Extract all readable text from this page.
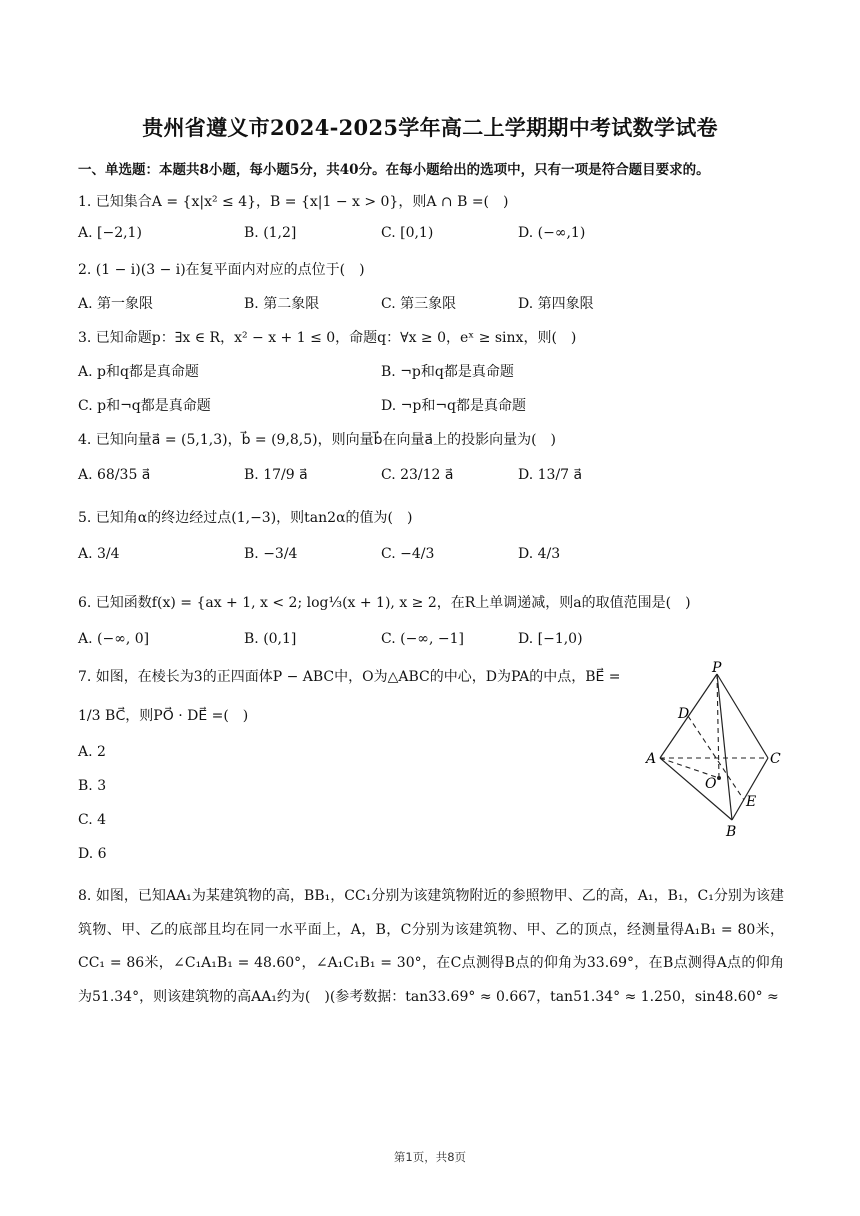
贵州省遵义市2024-2025学年高二上学期期中考试数学试卷
一、单选题：本题共8小题，每小题5分，共40分。在每小题给出的选项中，只有一项是符合题目要求的。
1. 已知集合A = {x|x² ≤ 4}，B = {x|1 − x > 0}，则A ∩ B =(　)
A. [−2,1)	B. (1,2]	C. [0,1)	D. (−∞,1)
2. (1 − i)(3 − i)在复平面内对应的点位于(　)
A. 第一象限	B. 第二象限	C. 第三象限	D. 第四象限
3. 已知命题p：∃x ∈ R，x² − x + 1 ≤ 0，命题q：∀x ≥ 0，eˣ ≥ sinx，则(　)
A. p和q都是真命题	B. ¬p和q都是真命题
C. p和¬q都是真命题	D. ¬p和¬q都是真命题
4. 已知向量a⃗ = (5,1,3)，b⃗ = (9,8,5)，则向量b⃗在向量a⃗上的投影向量为(　)
A. 68/35 a⃗	B. 17/9 a⃗	C. 23/12 a⃗	D. 13/7 a⃗
5. 已知角α的终边经过点(1,−3)，则tan2α的值为(　)
A. 3/4	B. −3/4	C. −4/3	D. 4/3
6. 已知函数f(x) = {ax + 1, x < 2; log⅓(x + 1), x ≥ 2，在R上单调递减，则a的取值范围是(　)
A. (−∞, 0]	B. (0,1]	C. (−∞, −1]	D. [−1,0)
7. 如图，在棱长为3的正四面体P − ABC中，O为△ABC的中心，D为PA的中点，BE⃗ =
1/3 BC⃗，则PO⃗ · DE⃗ =(　)
A. 2
B. 3
C. 4
D. 6
P
D
A	C
O
E
B
8. 如图，已知AA₁为某建筑物的高，BB₁，CC₁分别为该建筑物附近的参照物甲、乙的高，A₁，B₁，C₁分别为该建筑物、甲、乙的底部且均在同一水平面上，A，B，C分别为该建筑物、甲、乙的顶点，经测量得A₁B₁ = 80米，CC₁ = 86米，∠C₁A₁B₁ = 48.60°，∠A₁C₁B₁ = 30°，在C点测得B点的仰角为33.69°，在B点测得A点的仰角为51.34°，则该建筑物的高AA₁约为(　)(参考数据：tan33.69° ≈ 0.667，tan51.34° ≈ 1.250，sin48.60° ≈
第1页，共8页
